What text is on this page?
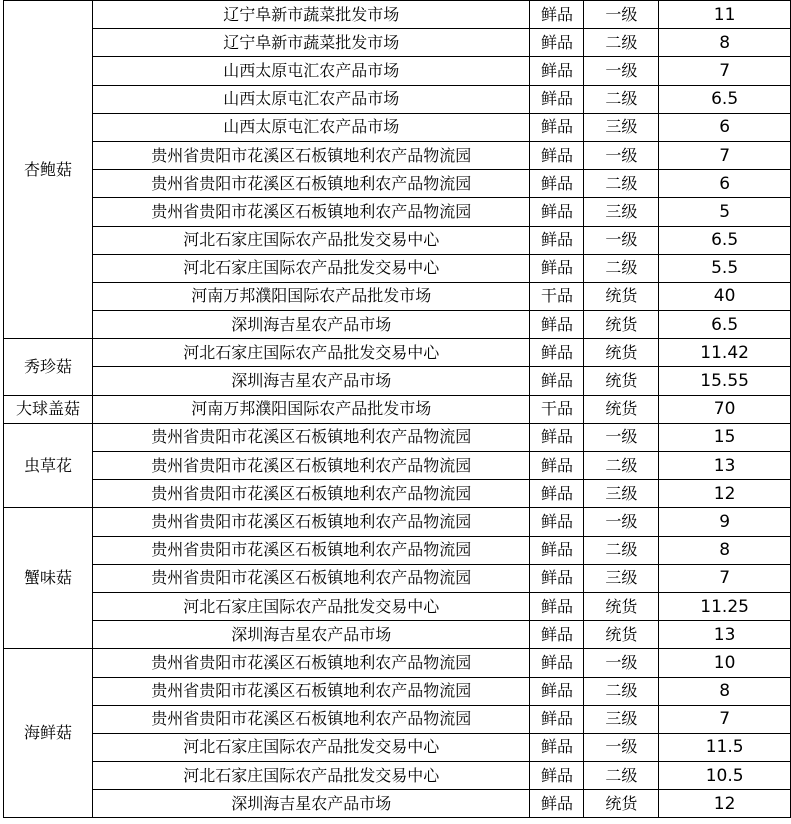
杏鲍菇	辽宁阜新市蔬菜批发市场	鲜品	一级	11
	辽宁阜新市蔬菜批发市场	鲜品	二级	8
	山西太原屯汇农产品市场	鲜品	一级	7
	山西太原屯汇农产品市场	鲜品	二级	6.5
	山西太原屯汇农产品市场	鲜品	三级	6
	贵州省贵阳市花溪区石板镇地利农产品物流园	鲜品	一级	7
	贵州省贵阳市花溪区石板镇地利农产品物流园	鲜品	二级	6
	贵州省贵阳市花溪区石板镇地利农产品物流园	鲜品	三级	5
	河北石家庄国际农产品批发交易中心	鲜品	一级	6.5
	河北石家庄国际农产品批发交易中心	鲜品	二级	5.5
	河南万邦濮阳国际农产品批发市场	干品	统货	40
	深圳海吉星农产品市场	鲜品	统货	6.5
秀珍菇	河北石家庄国际农产品批发交易中心	鲜品	统货	11.42
	深圳海吉星农产品市场	鲜品	统货	15.55
大球盖菇	河南万邦濮阳国际农产品批发市场	干品	统货	70
虫草花	贵州省贵阳市花溪区石板镇地利农产品物流园	鲜品	一级	15
	贵州省贵阳市花溪区石板镇地利农产品物流园	鲜品	二级	13
	贵州省贵阳市花溪区石板镇地利农产品物流园	鲜品	三级	12
蟹味菇	贵州省贵阳市花溪区石板镇地利农产品物流园	鲜品	一级	9
	贵州省贵阳市花溪区石板镇地利农产品物流园	鲜品	二级	8
	贵州省贵阳市花溪区石板镇地利农产品物流园	鲜品	三级	7
	河北石家庄国际农产品批发交易中心	鲜品	统货	11.25
	深圳海吉星农产品市场	鲜品	统货	13
海鲜菇	贵州省贵阳市花溪区石板镇地利农产品物流园	鲜品	一级	10
	贵州省贵阳市花溪区石板镇地利农产品物流园	鲜品	二级	8
	贵州省贵阳市花溪区石板镇地利农产品物流园	鲜品	三级	7
	河北石家庄国际农产品批发交易中心	鲜品	一级	11.5
	河北石家庄国际农产品批发交易中心	鲜品	二级	10.5
	深圳海吉星农产品市场	鲜品	统货	12
